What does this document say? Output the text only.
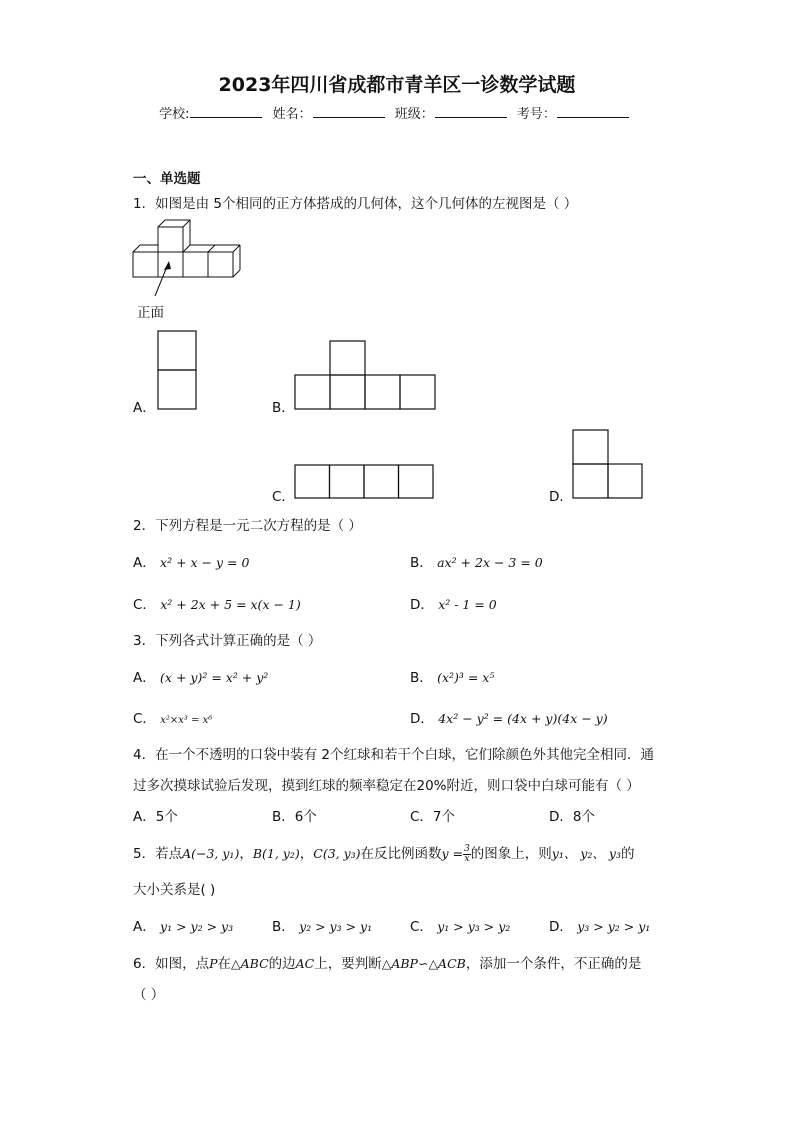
2023年四川省成都市青羊区一诊数学试题
学校:	姓名：	班级：	考号：
一、单选题
1．如图是由 5个相同的正方体搭成的几何体，这个几何体的左视图是（ ）
正面
A．	B．
C．	D．
2．下列方程是一元二次方程的是（ ）
A． x² + x − y = 0	B． ax² + 2x − 3 = 0
C． x² + 2x + 5 = x(x − 1)	D． x² - 1 = 0
3．下列各式计算正确的是（ ）
A． (x + y)² = x² + y²	B． (x²)³ = x⁵
C． x²×x³ = x⁶	D． 4x² − y² = (4x + y)(4x − y)
4．在一个不透明的口袋中装有 2个红球和若干个白球，它们除颜色外其他完全相同．通
过多次摸球试验后发现，摸到红球的频率稳定在20%附近，则口袋中白球可能有（ ）
A．5个	B．6个	C．7个	D．8个
5．若点A(−3, y₁)，B(1, y₂)，C(3, y₃)在反比例函数$y = \frac{3}{x}$ 的图象上，则y₁、 y₂、 y₃的
大小关系是( )
A． y₁ > y₂ > y₃	B． y₂ > y₃ > y₁	C． y₁ > y₃ > y₂	D． y₃ > y₂ > y₁
6．如图，点P在△ABC的边AC上，要判断△ABP∽△ACB，添加一个条件，不正确的是
（ ）
